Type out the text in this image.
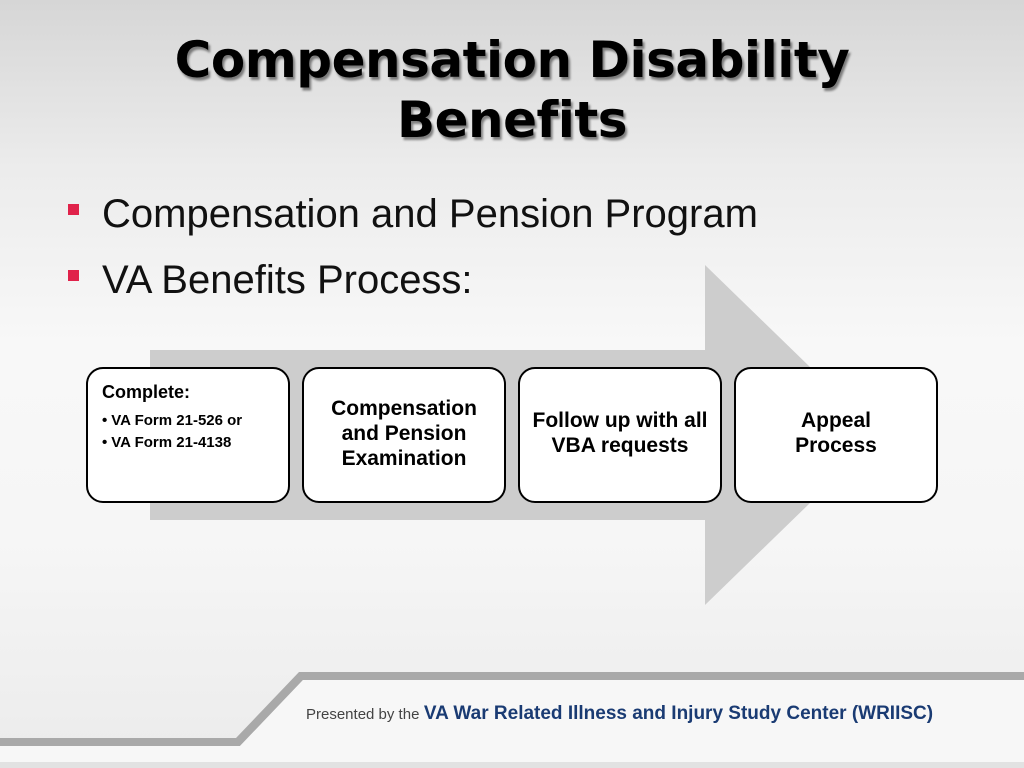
Compensation Disability
Benefits
Compensation and Pension Program
VA Benefits Process:
Complete:
• VA Form 21-526 or
• VA Form 21-4138
Compensation and Pension Examination
Follow up with all VBA requests
Appeal Process
Presented by the VA War Related Illness and Injury Study Center (WRIISC)
